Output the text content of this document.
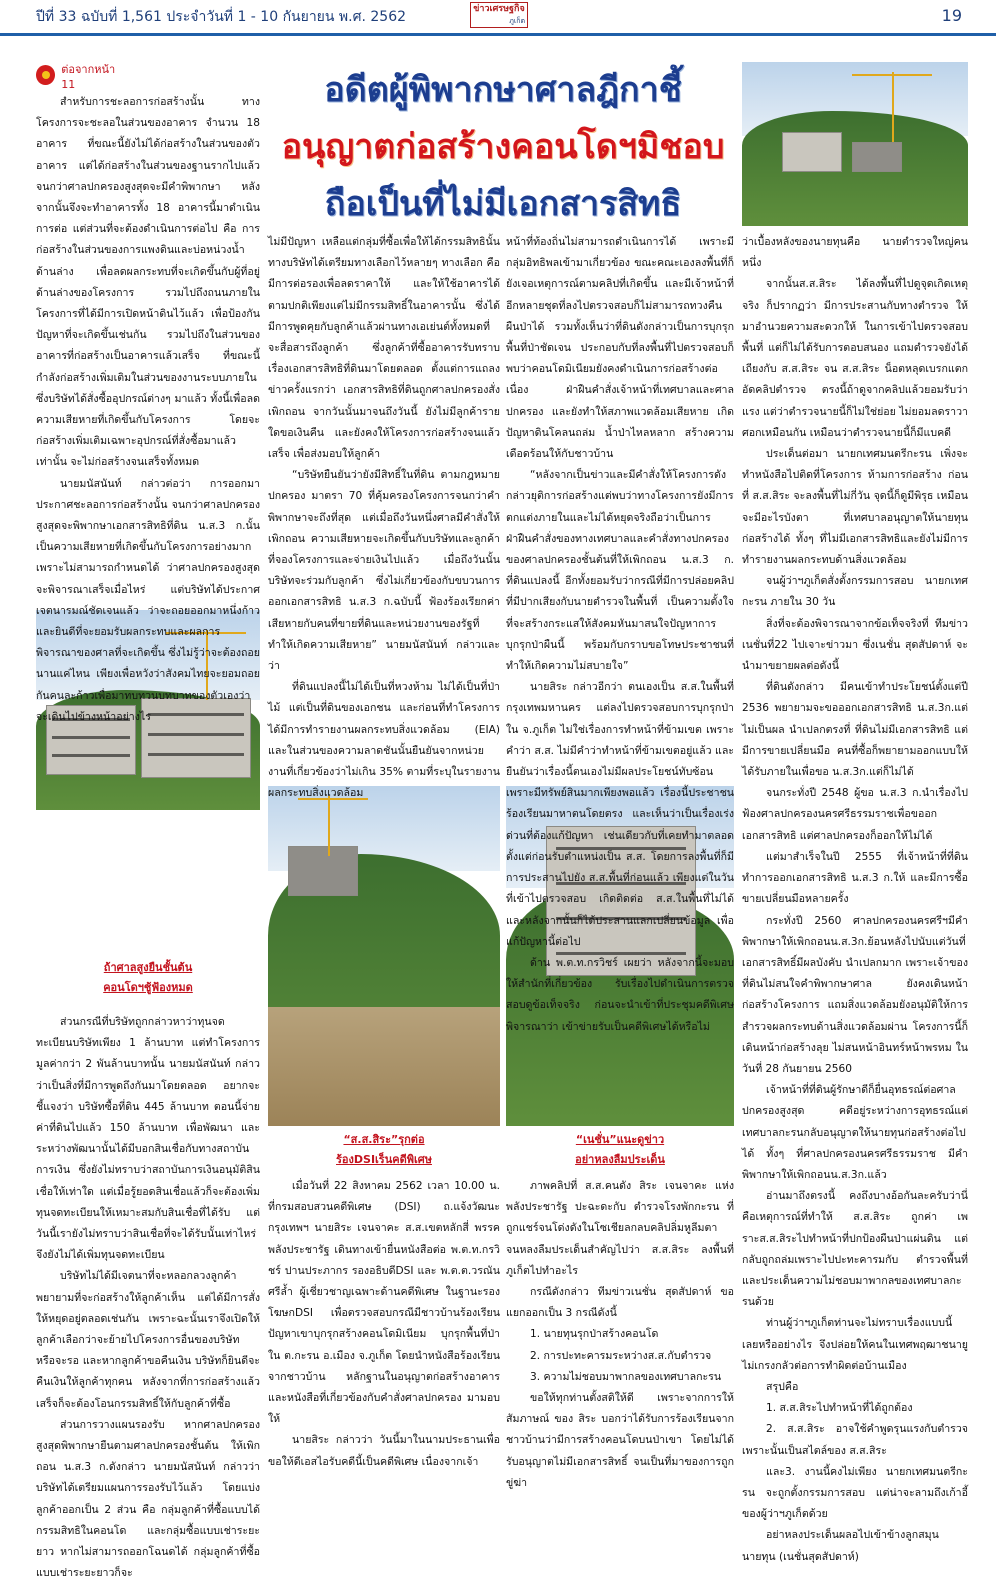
ปีที่ 33 ฉบับที่ 1,561 ประจำวันที่ 1 - 10 กันยายน พ.ศ. 2562	ข่าวเศรษฐกิจ
ภูเก็ต	19
ต่อจากหน้า 11	อดีตผู้พิพากษาศาลฎีกาชี้
อนุญาตก่อสร้างคอนโดฯมิชอบ
ถือเป็นที่ไม่มีเอกสารสิทธิ
ถ้าศาลสูงยืนชั้นต้น
คอนโดฯชู้ฟ้องหมด
“ส.ส.สิระ”รุกต่อ
ร้องDSIเร็นคดีพิเศษ
“เนชั่น”แนะดูข่าว
อย่าหลงลืมประเด็น

สำหรับการชะลอการก่อสร้างนั้น ทางโครงการจะชะลอในส่วนของอาคาร จำนวน 18 อาคาร ที่ขณะนี้ยังไม่ได้ก่อสร้างในส่วนของตัวอาคาร แต่ได้ก่อสร้างในส่วนของฐานรากไปแล้ว จนกว่าศาลปกครองสูงสุดจะมีคำพิพากษา หลังจากนั้นจึงจะทำอาคารทั้ง 18 อาคารนี้มาดำเนินการต่อ แต่ส่วนที่จะต้องดำเนินการต่อไป คือ การก่อสร้างในส่วนของการแพงดินและบ่อหน่วงน้ำด้านล่าง เพื่อลดผลกระทบที่จะเกิดขึ้นกับผู้ที่อยู่ด้านล่างของโครงการ รวมไปถึงถนนภายในโครงการที่ได้มีการเปิดหน้าดินไว้แล้ว เพื่อป้องกันปัญหาที่จะเกิดขึ้นเช่นกัน รวมไปถึงในส่วนของอาคารที่ก่อสร้างเป็นอาคารแล้วเสร็จ ที่ขณะนี้กำลังก่อสร้างเพิ่มเติมในส่วนของงานระบบภายใน ซึ่งบริษัทได้สั่งซื้ออุปกรณ์ต่างๆ มาแล้ว ทั้งนี้เพื่อลดความเสียหายที่เกิดขึ้นกับโครงการ โดยจะก่อสร้างเพิ่มเติมเฉพาะอุปกรณ์ที่สั่งซื้อมาแล้วเท่านั้น จะไม่ก่อสร้างจนเสร็จทั้งหมด

นายมนัสนันท์ กล่าวต่อว่า การออกมาประกาศชะลอการก่อสร้างนั้น จนกว่าศาลปกครองสูงสุดจะพิพากษาเอกสารสิทธิที่ดิน น.ส.3 ก.นั้น เป็นความเสียหายที่เกิดขึ้นกับโครงการอย่างมาก เพราะไม่สามารถกำหนดได้ ว่าศาลปกครองสูงสุดจะพิจารณาเสร็จเมื่อไหร่ แต่บริษัทได้ประกาศเจตนารมณ์ชัดเจนแล้ว ว่าจะถอยออกมาหนึ่งก้าว และยินดีที่จะยอมรับผลกระทบและผลการพิจารณาของศาลที่จะเกิดขึ้น ซึ่งไม่รู้ว่าจะต้องถอยนานแค่ไหน เพียงเพื่อหวังว่าสังคมไทยจะยอมถอยกันคนละก้าวเพื่อมาทบทวนบทบาทของตัวเองว่าจะเดินไปข้างหน้าอย่างไร

ส่วนกรณีที่บริษัทถูกกล่าวหาว่าทุนจดทะเบียนบริษัทเพียง 1 ล้านบาท แต่ทำโครงการมูลค่ากว่า 2 พันล้านบาทนั้น นายมนัสนันท์ กล่าวว่าเป็นสิ่งที่มีการพูดถึงกันมาโดยตลอด อยากจะชี้แจงว่า บริษัทซื้อที่ดิน 445 ล้านบาท ตอนนี้จ่ายค่าที่ดินไปแล้ว 150 ล้านบาท เพื่อพัฒนา และระหว่างพัฒนานั้นได้มีบอกสินเชื่อกับทางสถาบันการเงิน ซึ่งยังไม่ทราบว่าสถาบันการเงินอนุมัติสินเชื่อให้เท่าใด แต่เมื่อรู้ยอดสินเชื่อแล้วก็จะต้องเพิ่มทุนจดทะเบียนให้เหมาะสมกับสินเชื่อที่ได้รับ แต่วันนี้เรายังไม่ทราบว่าสินเชื่อที่จะได้รับนั้นเท่าไหร่ จึงยังไม่ได้เพิ่มทุนจดทะเบียน

บริษัทไม่ได้มีเจตนาที่จะหลอกลวงลูกค้า พยายามที่จะก่อสร้างให้ลูกค้าเห็น แต่ได้มีการสั่งให้หยุดอยู่ตลอดเช่นกัน เพราะฉะนั้นเราจึงเปิดให้ลูกค้าเลือกว่าจะย้ายไปโครงการอื่นของบริษัท หรือจะรอ และหากลูกค้าขอคืนเงิน บริษัทก็ยินดีจะคืนเงินให้ลูกค้าทุกคน หลังจากที่การก่อสร้างแล้วเสร็จก็จะต้องโอนกรรมสิทธิ์ให้กับลูกค้าที่ซื้อ

ส่วนการวางแผนรองรับ หากศาลปกครองสูงสุดพิพากษายืนตามศาลปกครองชั้นต้น ให้เพิกถอน น.ส.3 ก.ดังกล่าว นายมนัสนันท์ กล่าวว่า บริษัทได้เตรียมแผนการรองรับไว้แล้ว โดยแบ่งลูกค้าออกเป็น 2 ส่วน คือ กลุ่มลูกค้าที่ซื้อแบบได้กรรมสิทธิในคอนโด และกลุ่มซื้อแบบเช่าระยะยาว หากไม่สามารถออกโฉนดได้ กลุ่มลูกค้าที่ซื้อแบบเช่าระยะยาวก็จะ

ไม่มีปัญหา เหลือแต่กลุ่มที่ซื้อเพื่อให้ได้กรรมสิทธินั้น ทางบริษัทได้เตรียมทางเลือกไว้หลายๆ ทางเลือก คือ มีการต่อรองเพื่อลดราคาให้ และให้ใช้อาคารได้ตามปกติเพียงแต่ไม่มีกรรมสิทธิ์ในอาคารนั้น ซึ่งได้มีการพูดคุยกับลูกค้าแล้วผ่านทางเอเย่นต์ทั้งหมดที่จะสื่อสารถึงลูกค้า ซึ่งลูกค้าที่ซื้ออาคารรับทราบเรื่องเอกสารสิทธิที่ดินมาโดยตลอด ตั้งแต่การแถลงข่าวครั้งแรกว่า เอกสารสิทธิที่ดินถูกศาลปกครองสั่งเพิกถอน จากวันนั้นมาจนถึงวันนี้ ยังไม่มีลูกค้ารายใดขอเงินคืน และยังคงให้โครงการก่อสร้างจนแล้วเสร็จ เพื่อส่งมอบให้ลูกค้า

“บริษัทยืนยันว่ายังมีสิทธิ์ในที่ดิน ตามกฎหมายปกครอง มาตรา 70 ที่คุ้มครองโครงการจนกว่าคำพิพากษาจะถึงที่สุด แต่เมื่อถึงวันหนึ่งศาลมีคำสั่งให้เพิกถอน ความเสียหายจะเกิดขึ้นกับบริษัทและลูกค้าที่จองโครงการและจ่ายเงินไปแล้ว เมื่อถึงวันนั้น บริษัทจะร่วมกับลูกค้า ซึ่งไม่เกี่ยวข้องกับขบวนการออกเอกสารสิทธิ น.ส.3 ก.ฉบับนี้ ฟ้องร้องเรียกค่าเสียหายกับคนที่ขายที่ดินและหน่วยงานของรัฐที่ทำให้เกิดความเสียหาย” นายมนัสนันท์ กล่าวและว่า

ที่ดินแปลงนี้ไม่ได้เป็นที่หวงห้าม ไม่ได้เป็นที่ป่าไม้ แต่เป็นที่ดินของเอกชน และก่อนที่ทำโครงการได้มีการทำรายงานผลกระทบสิ่งแวดล้อม (EIA) และในส่วนของความลาดชันนั้นยืนยันจากหน่วยงานที่เกี่ยวข้องว่าไม่เกิน 35% ตามที่ระบุในรายงานผลกระทบสิ่งแวดล้อม

เมื่อวันที่ 22 สิงหาคม 2562 เวลา 10.00 น. ที่กรมสอบสวนคดีพิเศษ (DSI) ถ.แจ้งวัฒนะ กรุงเทพฯ นายสิระ เจนจาคะ ส.ส.เขตหลักสี่ พรรคพลังประชารัฐ เดินทางเข้ายื่นหนังสือต่อ พ.ต.ท.กรวิชร์ ปานประภากร รองอธิบดีDSI และ พ.ต.ต.วรณัน ศรีล้ำ ผู้เชี่ยวชาญเฉพาะด้านคดีพิเศษ ในฐานะรองโฆษกDSI เพื่อตรวจสอบกรณีมีชาวบ้านร้องเรียนปัญหาเขาบุกรุกสร้างคอนโดมิเนียม บุกรุกพื้นที่ป่าใน ต.กะรน อ.เมือง จ.ภูเก็ต โดยนำหนังสือร้องเรียนจากชาวบ้าน หลักฐานในอนุญาตก่อสร้างอาคาร และหนังสือที่เกี่ยวข้องกับคำสั่งศาลปกครอง มามอบให้

นายสิระ กล่าวว่า วันนี้มาในนามประธานเพื่อขอให้ดีเอสไอรับคดีนี้เป็นคดีพิเศษ เนื่องจากเจ้า

หน้าที่ท้องถิ่นไม่สามารถดำเนินการได้ เพราะมีกลุ่มอิทธิพลเข้ามาเกี่ยวข้อง ขณะคณะเองลงพื้นที่ก็ยังเจอเหตุการณ์ตามคลิปที่เกิดขึ้น และมีเจ้าหน้าที่อีกหลายชุดที่ลงไปตรวจสอบก็ไม่สามารถทวงคืนผืนป่าได้ รวมทั้งเห็นว่าที่ดินดังกล่าวเป็นการบุกรุกพื้นที่ป่าชัดเจน ประกอบกับที่ลงพื้นที่ไปตรวจสอบก็พบว่าคอนโดมิเนียมยังคงดำเนินการก่อสร้างต่อเนื่อง ฝ่าฝืนคำสั่งเจ้าหน้าที่เทศบาลและศาลปกครอง และยังทำให้สภาพแวดล้อมเสียหาย เกิดปัญหาดินโคลนถล่ม น้ำป่าไหลหลาก สร้างความเดือดร้อนให้กับชาวบ้าน

“หลังจากเป็นข่าวและมีคำสั่งให้โครงการดังกล่าวยุติการก่อสร้างแต่พบว่าทางโครงการยังมีการตกแต่งภายในและไม่ได้หยุดจริงถือว่าเป็นการฝ่าฝืนคำสั่งของทางเทศบาลและคำสั่งทางปกครองของศาลปกครองชั้นต้นที่ให้เพิกถอน น.ส.3 ก. ที่ดินแปลงนี้ อีกทั้งยอมรับว่ากรณีที่มีการปล่อยคลิปที่มีปากเสียงกับนายตำรวจในพื้นที่ เป็นความตั้งใจที่จะสร้างกระแสให้สังคมหันมาสนใจปัญหาการบุกรุกป่าผืนนี้ พร้อมกับกราบขอโทษประชาชนที่ทำให้เกิดความไม่สบายใจ”

นายสิระ กล่าวอีกว่า ตนเองเป็น ส.ส.ในพื้นที่กรุงเทพมหานคร แต่ลงไปตรวจสอบการบุกรุกป่าใน จ.ภูเก็ต ไม่ใช่เรื่องการทำหน้าที่ข้ามเขต เพราะคำว่า ส.ส. ไม่มีคำว่าทำหน้าที่ข้ามเขตอยู่แล้ว และยืนยันว่าเรื่องนี้ตนเองไม่มีผลประโยชน์ทับซ้อนเพราะมีทรัพย์สินมากเพียงพอแล้ว เรื่องนี้ประชาชนร้องเรียนมาหาตนโดยตรง และเห็นว่าเป็นเรื่องเร่งด่วนที่ต้องแก้ปัญหา เช่นเดียวกับที่เคยทำมาตลอดตั้งแต่ก่อนรับตำแหน่งเป็น ส.ส. โดยการลงพื้นที่ก็มีการประสานไปยัง ส.ส.พื้นที่ก่อนแล้ว เพียงแต่ในวันที่เข้าไปตรวจสอบ เกิดติดต่อ ส.ส.ในพื้นที่ไม่ได้ และหลังจากนั้นก็ได้ประสานแลกเปลี่ยนข้อมูล เพื่อแก้ปัญหานี้ต่อไป

ด้าน พ.ต.ท.กรวิชร์ เผยว่า หลังจากนี้จะมอบให้สำนักที่เกี่ยวข้อง รับเรื่องไปดำเนินการตรวจสอบดูข้อเท็จจริง ก่อนจะนำเข้าที่ประชุมคดีพิเศษพิจารณาว่า เข้าข่ายรับเป็นคดีพิเศษได้หรือไม่

ภาพคลิปที่ ส.ส.คนดัง สิระ เจนจาคะ แห่งพลังประชารัฐ ปะฉะดะกับ ตำรวจโรงพักกะรน ที่ถูกแชร์จนโด่งดังในโซเชียลกลบคลิปลิ่มหูลีมตา จนหลงลืมประเด็นสำคัญไปว่า ส.ส.สิระ ลงพื้นที่ภูเก็ตไปทำอะไร

กรณีดังกล่าว ทีมข่าวเนชั่น สุดสัปดาห์ ขอแยกออกเป็น 3 กรณีดังนี้

1. นายทุนรุกป่าสร้างคอนโด

2. การปะทะคารมระหว่างส.ส.กับตำรวจ

3. ความไม่ชอบมาพากลของเทศบาลกะรน

ขอให้ทุกท่านตั้งสติให้ดี เพราะจากการให้สัมภาษณ์ ของ สิระ บอกว่าได้รับการร้องเรียนจากชาวบ้านว่ามีการสร้างคอนโดบนป่าเขา โดยไม่ได้รับอนุญาตไม่มีเอกสารสิทธิ์ จนเป็นที่มาของการถูกขู่ฆ่า

ว่าเบื้องหลังของนายทุนคือ นายตำรวจใหญ่คนหนึ่ง

จากนั้นส.ส.สิระ ได้ลงพื้นที่ไปดูจุดเกิดเหตุจริง ก็ปรากฏว่า มีการประสานกับทางตำรวจ ให้มาอำนวยความสะดวกให้ ในการเข้าไปตรวจสอบพื้นที่ แต่ก็ไม่ได้รับการตอบสนอง แถมตำรวจยังได้เถียงกับ ส.ส.สิระ จน ส.ส.สิระ น็อตหลุดเบรกแตก อัดคลิปตำรวจ ตรงนี้ถ้าดูจากคลิปแล้วยอมรับว่าแรง แต่ว่าตำรวจนายนี้ก็ไม่ใช่ย่อย ไม่ยอมลดราวาศอกเหมือนกัน เหมือนว่าตำรวจนายนี้ก็มีแบคดี

ประเด็นต่อมา นายกเทศมนตรีกะรน เพิ่งจะทำหนังสือไปติดที่โครงการ ห้ามการก่อสร้าง ก่อนที่ ส.ส.สิระ จะลงพื้นที่ไม่กี่วัน จุดนี้ก็ดูมีพิรุธ เหมือนจะมีอะไรบังตา ที่เทศบาลอนุญาตให้นายทุนก่อสร้างได้ ทั้งๆ ที่ไม่มีเอกสารสิทธิและยังไม่มีการทำรายงานผลกระทบด้านสิ่งแวดล้อม

จนผู้ว่าฯภูเก็ตสั่งตั้งกรรมการสอบ นายกเทศกะรน ภายใน 30 วัน

สิ่งที่จะต้องพิจารณาจากข้อเท็จจริงที่ ทีมข่าวเนชั่นที่22 ไปเจาะข่าวมา ซึ่งเนชั่น สุดสัปดาห์ จะนำมาขยายผลต่อดังนี้

ที่ดินดังกล่าว มีคนเข้าทำประโยชน์ตั้งแต่ปี 2536 พยายามจะขอออกเอกสารสิทธิ น.ส.3ก.แต่ไม่เป็นผล นำเปลกตรงที่ ที่ดินไม่มีเอกสารสิทธิ แต่มีการขายเปลี่ยนมือ คนที่ซื้อก็พยายามออกแบบให้ได้รับภายในเพื่อขอ น.ส.3ก.แต่ก็ไม่ได้

จนกระทั่งปี 2548 ผู้ขอ น.ส.3 ก.นำเรื่องไปฟ้องศาลปกครองนครศรีธรรมราชเพื่อขออกเอกสารสิทธิ แต่ศาลปกครองก็ออกให้ไม่ได้

แต่มาสำเร็จในปี 2555 ที่เจ้าหน้าที่ที่ดินทำการออกเอกสารสิทธิ น.ส.3 ก.ให้ และมีการซื้อขายเปลี่ยนมือหลายครั้ง

กระทั่งปี 2560 ศาลปกครองนครศรีฯมีคำพิพากษาให้เพิกถอนน.ส.3ก.ย้อนหลังไปนับแต่วันที่เอกสารสิทธิ์มีผลบังคับ นำเปลกมาก เพราะเจ้าของที่ดินไม่สนใจคำพิพากษาศาล ยังคงเดินหน้าก่อสร้างโครงการ แถมสิ่งแวดล้อมยังอนุมัติให้การสำรวจผลกระทบด้านสิ่งแวดล้อมผ่าน โครงการนี้ก็เดินหน้าก่อสร้างลุย ไม่สนหน้าอินทร์หน้าพรหม ในวันที่ 28 กันยายน 2560

เจ้าหน้าที่ที่ดินผู้รักษาดีก็ยื่นอุทธรณ์ต่อศาลปกครองสูงสุด คดีอยู่ระหว่างการอุทธรณ์แต่เทศบาลกะรนกลับอนุญาตให้นายทุนก่อสร้างต่อไปได้ ทั้งๆ ที่ศาลปกครองนครศรีธรรมราช มีคำพิพากษาให้เพิกถอนน.ส.3ก.แล้ว

อ่านมาถึงตรงนี้ คงถึงบางอ้อกันละครับว่านี่คือเหตุการณ์ที่ทำให้ ส.ส.สิระ ถูกค่า เพราะส.ส.สิระไปทำหน้าที่ปกป้องผืนป่าแผ่นดิน แต่กลับถูกถล่มเพราะไปปะทะคารมกับ ตำรวจพื้นที่ และประเด็นความไม่ชอบมาพากลของเทศบาลกะรนด้วย

ท่านผู้ว่าฯภูเก็ตท่านจะไม่ทราบเรื่องแบบนี้เลยหรืออย่างไร จึงปล่อยให้คนในเทศพฤฒาชนายู ไม่เกรงกลัวต่อการทำผิดต่อบ้านเมือง

สรุปคือ

1. ส.ส.สิระไปทำหน้าที่ได้ถูกต้อง

2. ส.ส.สิระ อาจใช้คำพูดรุนแรงกับตำรวจเพราะนั้นเป็นสไตล์ของ ส.ส.สิระ

และ3. งานนี้คงไม่เพียง นายกเทศมนตรีกะรน จะถูกตั้งกรรมการสอบ แต่น่าจะลามถึงเก้าอี้ของผู้ว่าฯภูเก็ตด้วย

อย่าหลงประเด็นผลอไปเข้าข้างลูกสมุนนายทุน (เนชั่นสุดสัปดาห์)
